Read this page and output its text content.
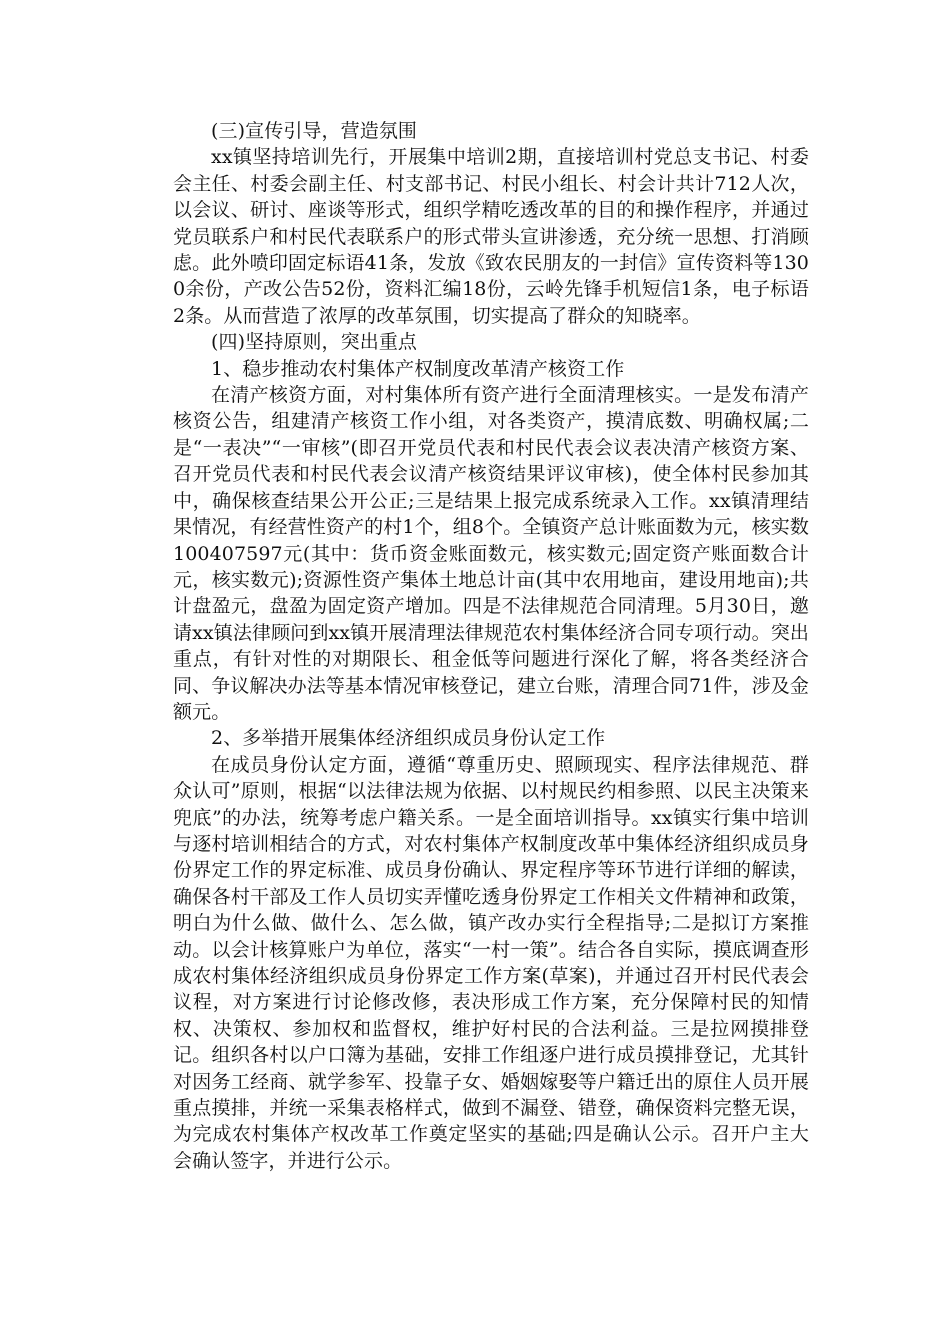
(三)宣传引导，营造氛围

xx镇坚持培训先行，开展集中培训2期，直接培训村党总支书记、村委会主任、村委会副主任、村支部书记、村民小组长、村会计共计712人次，以会议、研讨、座谈等形式，组织学精吃透改革的目的和操作程序，并通过党员联系户和村民代表联系户的形式带头宣讲渗透，充分统一思想、打消顾虑。此外喷印固定标语41条，发放《致农民朋友的一封信》宣传资料等1300余份，产改公告52份，资料汇编18份，云岭先锋手机短信1条，电子标语2条。从而营造了浓厚的改革氛围，切实提高了群众的知晓率。

(四)坚持原则，突出重点

1、稳步推动农村集体产权制度改革清产核资工作

在清产核资方面，对村集体所有资产进行全面清理核实。一是发布清产核资公告，组建清产核资工作小组，对各类资产，摸清底数、明确权属;二是“一表决”“一审核”(即召开党员代表和村民代表会议表决清产核资方案、召开党员代表和村民代表会议清产核资结果评议审核)，使全体村民参加其中，确保核查结果公开公正;三是结果上报完成系统录入工作。xx镇清理结果情况，有经营性资产的村1个，组8个。全镇资产总计账面数为元，核实数100407597元(其中：货币资金账面数元，核实数元;固定资产账面数合计元，核实数元);资源性资产集体土地总计亩(其中农用地亩，建设用地亩);共计盘盈元，盘盈为固定资产增加。四是不法律规范合同清理。5月30日，邀请xx镇法律顾问到xx镇开展清理法律规范农村集体经济合同专项行动。突出重点，有针对性的对期限长、租金低等问题进行深化了解，将各类经济合同、争议解决办法等基本情况审核登记，建立台账，清理合同71件，涉及金额元。

2、多举措开展集体经济组织成员身份认定工作

在成员身份认定方面，遵循“尊重历史、照顾现实、程序法律规范、群众认可”原则，根据“以法律法规为依据、以村规民约相参照、以民主决策来兜底”的办法，统筹考虑户籍关系。一是全面培训指导。xx镇实行集中培训与逐村培训相结合的方式，对农村集体产权制度改革中集体经济组织成员身份界定工作的界定标准、成员身份确认、界定程序等环节进行详细的解读，确保各村干部及工作人员切实弄懂吃透身份界定工作相关文件精神和政策，明白为什么做、做什么、怎么做，镇产改办实行全程指导;二是拟订方案推动。以会计核算账户为单位，落实“一村一策”。结合各自实际，摸底调查形成农村集体经济组织成员身份界定工作方案(草案)，并通过召开村民代表会议程，对方案进行讨论修改修，表决形成工作方案，充分保障村民的知情权、决策权、参加权和监督权，维护好村民的合法利益。三是拉网摸排登记。组织各村以户口簿为基础，安排工作组逐户进行成员摸排登记，尤其针对因务工经商、就学参军、投靠子女、婚姻嫁娶等户籍迁出的原住人员开展重点摸排，并统一采集表格样式，做到不漏登、错登，确保资料完整无误，为完成农村集体产权改革工作奠定坚实的基础;四是确认公示。召开户主大会确认签字，并进行公示。
